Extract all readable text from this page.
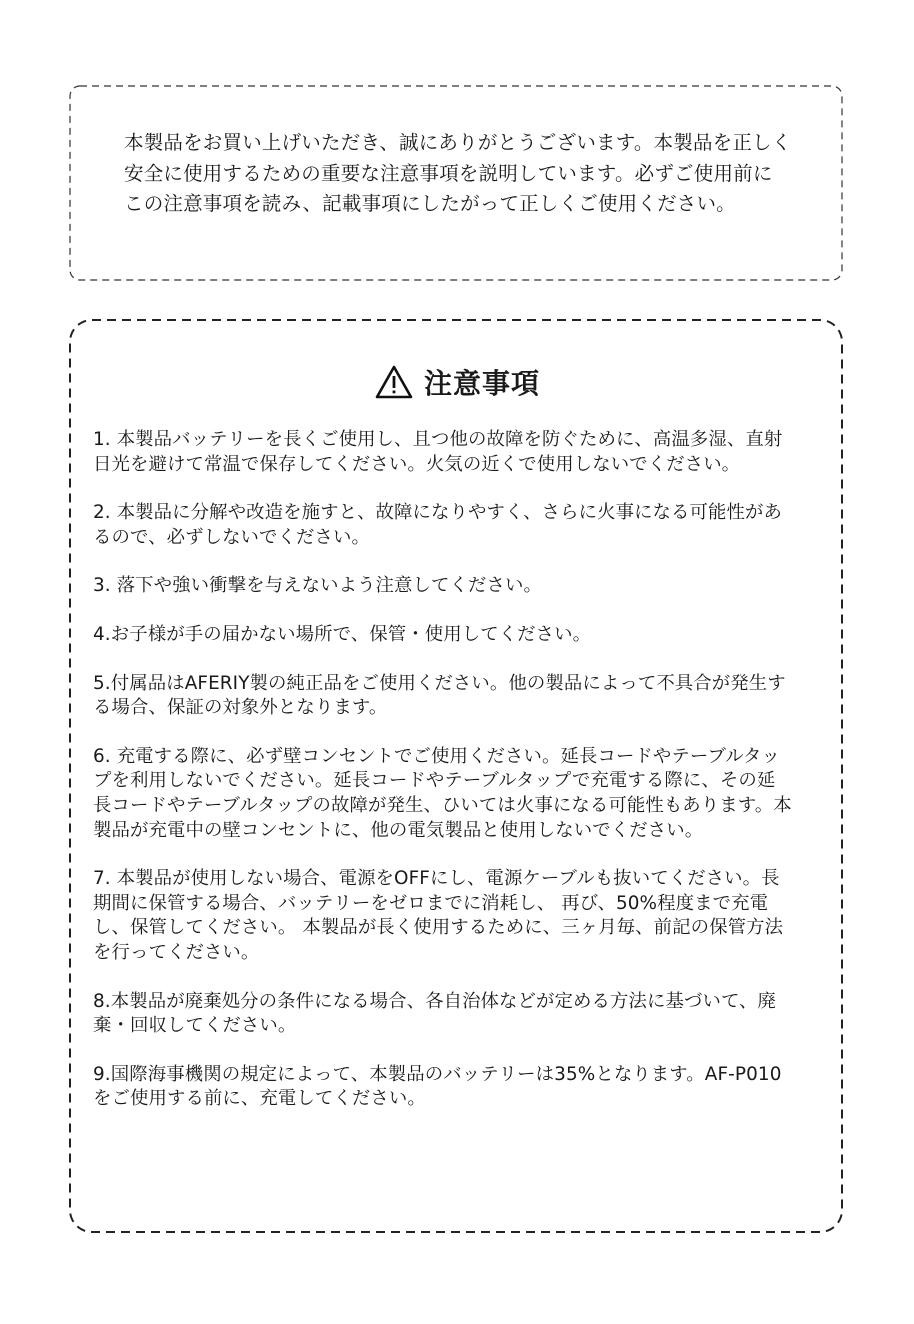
本製品をお買い上げいただき、誠にありがとうございます。本製品を正しく安全に使用するための重要な注意事項を説明しています。必ずご使用前にこの注意事項を読み、記載事項にしたがって正しくご使用ください。
注意事項
1. 本製品バッテリーを長くご使用し、且つ他の故障を防ぐために、高温多湿、直射日光を避けて常温で保存してください。火気の近くで使用しないでください。
2. 本製品に分解や改造を施すと、故障になりやすく、さらに火事になる可能性があるので、必ずしないでください。
3. 落下や強い衝撃を与えないよう注意してください。
4.お子様が手の届かない場所で、保管・使用してください。
5.付属品はAFERIY製の純正品をご使用ください。他の製品によって不具合が発生する場合、保証の対象外となります。
6. 充電する際に、必ず壁コンセントでご使用ください。延長コードやテーブルタップを利用しないでください。延長コードやテーブルタップで充電する際に、その延長コードやテーブルタップの故障が発生、ひいては火事になる可能性もあります。本製品が充電中の壁コンセントに、他の電気製品と使用しないでください。
7. 本製品が使用しない場合、電源をOFFにし、電源ケーブルも抜いてください。長期間に保管する場合、バッテリーをゼロまでに消耗し、 再び、50%程度まで充電し、保管してください。 本製品が長く使用するために、三ヶ月毎、前記の保管方法を行ってください。
8.本製品が廃棄処分の条件になる場合、各自治体などが定める方法に基づいて、廃棄・回収してください。
9.国際海事機関の規定によって、本製品のバッテリーは35%となります。AF-P010をご使用する前に、充電してください。
